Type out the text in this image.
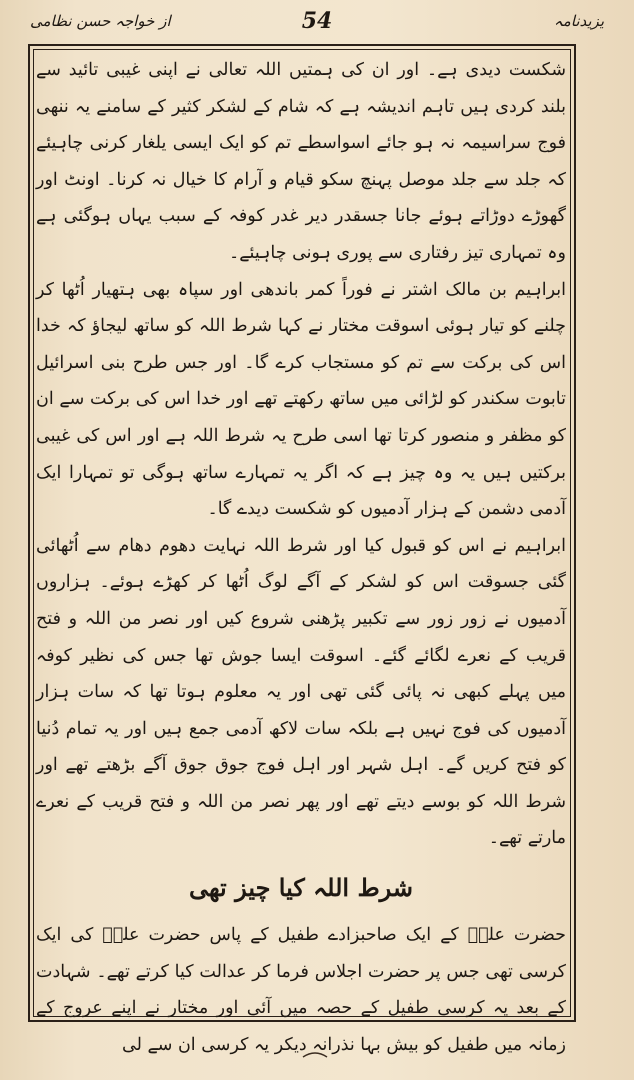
یزیدنامہ
54
از خواجہ حسن نظامی

شکست دیدی ہے۔ اور ان کی ہمتیں اللہ تعالی نے اپنی غیبی تائید سے بلند کردی ہیں تاہم اندیشہ ہے کہ شام کے لشکر کثیر کے سامنے یہ ننھی فوج سراسیمہ نہ ہو جائے اسواسطے تم کو ایک ایسی یلغار کرنی چاہیئے کہ جلد سے جلد موصل پہنچ سکو قیام و آرام کا خیال نہ کرنا۔ اونٹ اور گھوڑے دوڑاتے ہوئے جانا جسقدر دیر غدر کوفہ کے سبب یہاں ہوگئی ہے وہ تمہاری تیز رفتاری سے پوری ہونی چاہیئے۔

ابراہیم بن مالک اشتر نے فوراً کمر باندھی اور سپاہ بھی ہتھیار اُٹھا کر چلنے کو تیار ہوئی اسوقت مختار نے کہا شرط اللہ کو ساتھ لیجاؤ کہ خدا اس کی برکت سے تم کو مستجاب کرے گا۔ اور جس طرح بنی اسرائیل تابوت سکندر کو لڑائی میں ساتھ رکھتے تھے اور خدا اس کی برکت سے ان کو مظفر و منصور کرتا تھا اسی طرح یہ شرط اللہ ہے اور اس کی غیبی برکتیں ہیں یہ وہ چیز ہے کہ اگر یہ تمہارے ساتھ ہوگی تو تمہارا ایک آدمی دشمن کے ہزار آدمیوں کو شکست دیدے گا۔

ابراہیم نے اس کو قبول کیا اور شرط اللہ نہایت دھوم دھام سے اُٹھائی گئی جسوقت اس کو لشکر کے آگے لوگ اُٹھا کر کھڑے ہوئے۔ ہزاروں آدمیوں نے زور زور سے تکبیر پڑھنی شروع کیں اور نصر من اللہ و فتح قریب کے نعرے لگائے گئے۔ اسوقت ایسا جوش تھا جس کی نظیر کوفہ میں پہلے کبھی نہ پائی گئی تھی اور یہ معلوم ہوتا تھا کہ سات ہزار آدمیوں کی فوج نہیں ہے بلکہ سات لاکھ آدمی جمع ہیں اور یہ تمام دُنیا کو فتح کریں گے۔ اہل شہر اور اہل فوج جوق جوق آگے بڑھتے تھے اور شرط اللہ کو بوسے دیتے تھے اور پھر نصر من اللہ و فتح قریب کے نعرے مارتے تھے۔

شرط اللہ کیا چیز تھی

حضرت علیؓ کے ایک صاحبزادے طفیل کے پاس حضرت علیؓ کی ایک کرسی تھی جس پر حضرت اجلاس فرما کر عدالت کیا کرتے تھے۔ شہادت کے بعد یہ کرسی طفیل کے حصہ میں آئی اور مختار نے اپنے عروج کے زمانہ میں طفیل کو بیش بہا نذرانہ دیکر یہ کرسی ان سے لی
